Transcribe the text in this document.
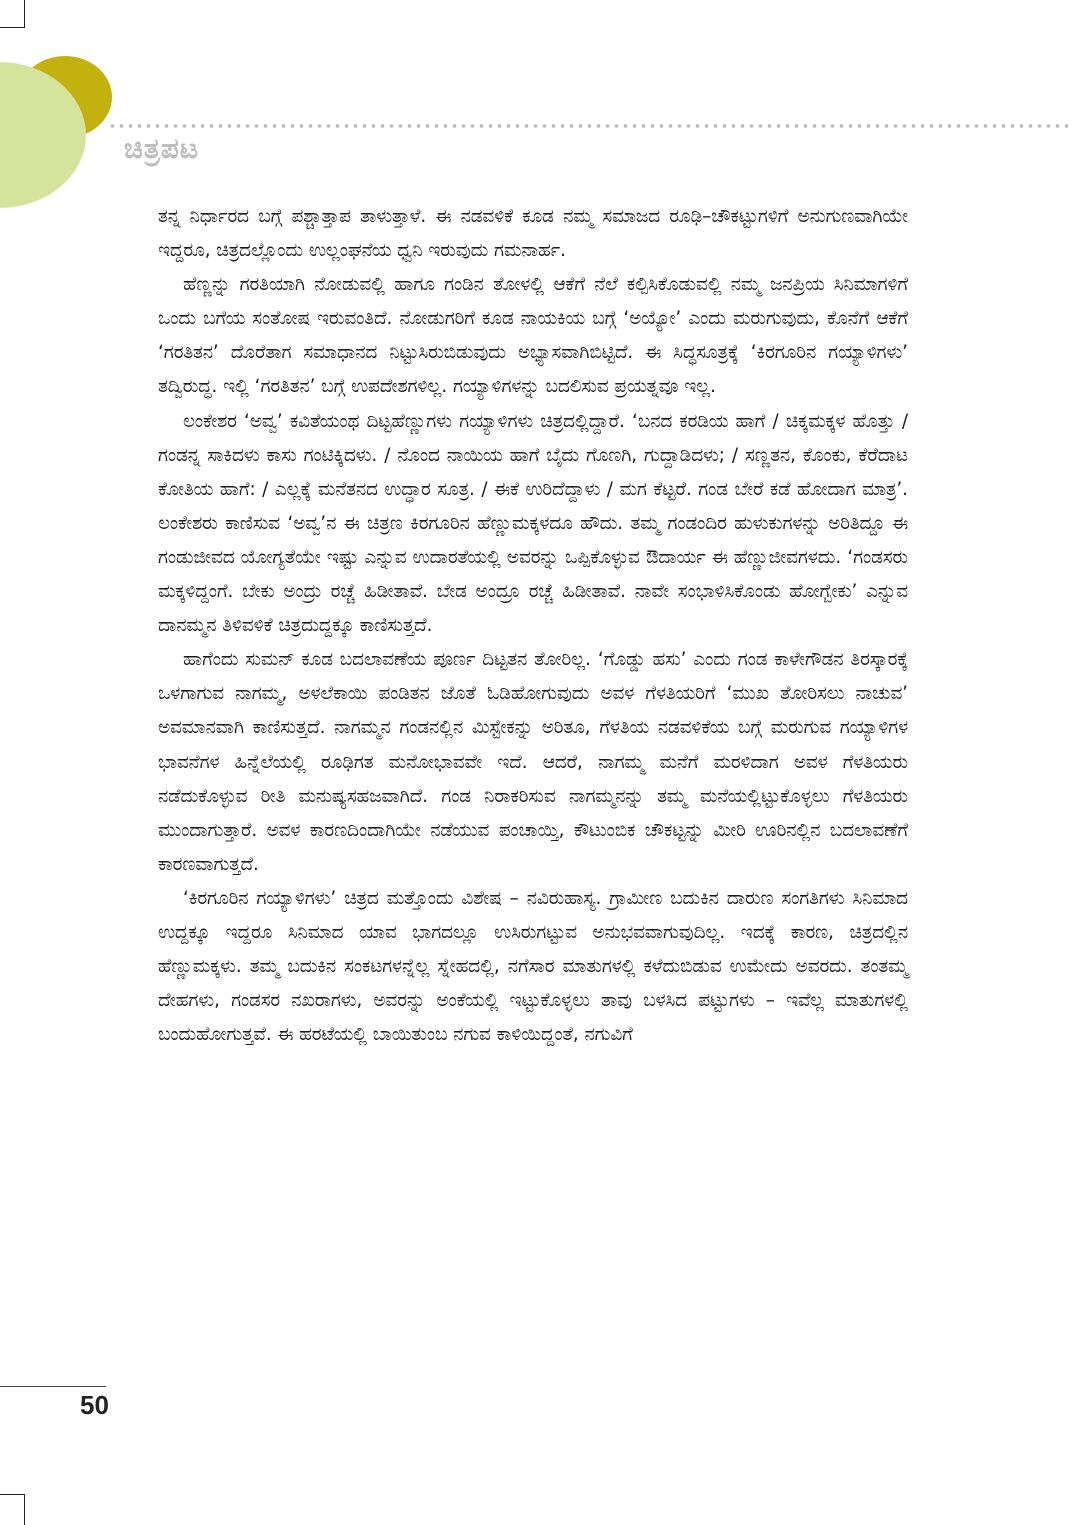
ಚಿತ್ರಪಟ

ತನ್ನ ನಿರ್ಧಾರದ ಬಗ್ಗೆ ಪಶ್ಚಾತ್ತಾಪ ತಾಳುತ್ತಾಳೆ. ಈ ನಡವಳಿಕೆ ಕೂಡ ನಮ್ಮ ಸಮಾಜದ ರೂಢಿ–ಚೌಕಟ್ಟುಗಳಿಗೆ ಅನುಗುಣವಾಗಿಯೇ ಇದ್ದರೂ, ಚಿತ್ರದಲ್ಲೊಂದು ಉಲ್ಲಂಘನೆಯ ಧ್ವನಿ ಇರುವುದು ಗಮನಾರ್ಹ.

ಹೆಣ್ಣನ್ನು ಗರತಿಯಾಗಿ ನೋಡುವಲ್ಲಿ ಹಾಗೂ ಗಂಡಿನ ತೋಳಲ್ಲಿ ಆಕೆಗೆ ನೆಲೆ ಕಲ್ಪಿಸಿಕೊಡುವಲ್ಲಿ ನಮ್ಮ ಜನಪ್ರಿಯ ಸಿನಿಮಾಗಳಿಗೆ ಒಂದು ಬಗೆಯ ಸಂತೋಷ ಇರುವಂತಿದೆ. ನೋಡುಗರಿಗೆ ಕೂಡ ನಾಯಕಿಯ ಬಗ್ಗೆ ‘ಅಯ್ಯೋ’ ಎಂದು ಮರುಗುವುದು, ಕೊನೆಗೆ ಆಕೆಗೆ ‘ಗರತಿತನ’ ದೊರೆತಾಗ ಸಮಾಧಾನದ ನಿಟ್ಟುಸಿರುಬಿಡುವುದು ಅಭ್ಯಾಸವಾಗಿಬಿಟ್ಟಿದೆ. ಈ ಸಿದ್ಧಸೂತ್ರಕ್ಕೆ ‘ಕಿರಗೂರಿನ ಗಯ್ಯಾಳಿಗಳು’ ತದ್ವಿರುದ್ಧ. ಇಲ್ಲಿ ‘ಗರತಿತನ’ ಬಗ್ಗೆ ಉಪದೇಶಗಳಿಲ್ಲ. ಗಯ್ಯಾಳಿಗಳನ್ನು ಬದಲಿಸುವ ಪ್ರಯತ್ನವೂ ಇಲ್ಲ.

ಲಂಕೇಶರ ‘ಅವ್ವ’ ಕವಿತೆಯಂಥ ದಿಟ್ಟಹೆಣ್ಣುಗಳು ಗಯ್ಯಾಳಿಗಳು ಚಿತ್ರದಲ್ಲಿದ್ದಾರೆ. ‘ಬನದ ಕರಡಿಯ ಹಾಗೆ / ಚಿಕ್ಕಮಕ್ಕಳ ಹೊತ್ತು / ಗಂಡನ್ನ ಸಾಕಿದಳು ಕಾಸು ಗಂಟಿಕ್ಕಿದಳು. / ನೊಂದ ನಾಯಿಯ ಹಾಗೆ ಬೈದು ಗೊಣಗಿ, ಗುದ್ದಾಡಿದಳು; / ಸಣ್ಣತನ, ಕೊಂಕು, ಕೆರೆದಾಟ ಕೋತಿಯ ಹಾಗೆ: / ಎಲ್ಲಕ್ಕೆ ಮನೆತನದ ಉದ್ಧಾರ ಸೂತ್ರ. / ಈಕೆ ಉರಿದೆದ್ದಾಳು / ಮಗ ಕೆಟ್ಟರೆ. ಗಂಡ ಬೇರೆ ಕಡೆ ಹೋದಾಗ ಮಾತ್ರ’. ಲಂಕೇಶರು ಕಾಣಿಸುವ ‘ಅವ್ವ’ನ ಈ ಚಿತ್ರಣ ಕಿರಗೂರಿನ ಹೆಣ್ಣುಮಕ್ಕಳದೂ ಹೌದು. ತಮ್ಮ ಗಂಡಂದಿರ ಹುಳುಕುಗಳನ್ನು ಅರಿತಿದ್ದೂ ಈ ಗಂಡುಜೀವದ ಯೋಗ್ಯತೆಯೇ ಇಷ್ಟು ಎನ್ನುವ ಉದಾರತೆಯಲ್ಲಿ ಅವರನ್ನು ಒಪ್ಪಿಕೊಳ್ಳುವ ಔದಾರ್ಯ ಈ ಹೆಣ್ಣುಜೀವಗಳದು. ‘ಗಂಡಸರು ಮಕ್ಕಳಿದ್ದಂಗೆ. ಬೇಕು ಅಂದ್ರು ರಚ್ಚೆ ಹಿಡೀತಾವೆ. ಬೇಡ ಅಂದ್ರೂ ರಚ್ಚೆ ಹಿಡೀತಾವೆ. ನಾವೇ ಸಂಭಾಳಿಸಿಕೊಂಡು ಹೋಗ್ಬೇಕು’ ಎನ್ನುವ ದಾನಮ್ಮನ ತಿಳಿವಳಿಕೆ ಚಿತ್ರದುದ್ದಕ್ಕೂ ಕಾಣಿಸುತ್ತದೆ.

ಹಾಗೆಂದು ಸುಮನ್ ಕೂಡ ಬದಲಾವಣೆಯ ಪೂರ್ಣ ದಿಟ್ಟತನ ತೋರಿಲ್ಲ. ‘ಗೊಡ್ಡು ಹಸು’ ಎಂದು ಗಂಡ ಕಾಳೇಗೌಡನ ತಿರಸ್ಕಾರಕ್ಕೆ ಒಳಗಾಗುವ ನಾಗಮ್ಮ, ಅಳಲೆಕಾಯಿ ಪಂಡಿತನ ಜೊತೆ ಓಡಿಹೋಗುವುದು ಅವಳ ಗೆಳತಿಯರಿಗೆ ‘ಮುಖ ತೋರಿಸಲು ನಾಚುವ’ ಅವಮಾನವಾಗಿ ಕಾಣಿಸುತ್ತದೆ. ನಾಗಮ್ಮನ ಗಂಡನಲ್ಲಿನ ಮಿಸ್ಟೇಕನ್ನು ಅರಿತೂ, ಗೆಳತಿಯ ನಡವಳಿಕೆಯ ಬಗ್ಗೆ ಮರುಗುವ ಗಯ್ಯಾಳಿಗಳ ಭಾವನೆಗಳ ಹಿನ್ನೆಲೆಯಲ್ಲಿ ರೂಢಿಗತ ಮನೋಭಾವವೇ ಇದೆ. ಆದರೆ, ನಾಗಮ್ಮ ಮನೆಗೆ ಮರಳಿದಾಗ ಅವಳ ಗೆಳತಿಯರು ನಡೆದುಕೊಳ್ಳುವ ರೀತಿ ಮನುಷ್ಯಸಹಜವಾಗಿದೆ. ಗಂಡ ನಿರಾಕರಿಸುವ ನಾಗಮ್ಮನನ್ನು ತಮ್ಮ ಮನೆಯಲ್ಲಿಟ್ಟುಕೊಳ್ಳಲು ಗೆಳತಿಯರು ಮುಂದಾಗುತ್ತಾರೆ. ಅವಳ ಕಾರಣದಿಂದಾಗಿಯೇ ನಡೆಯುವ ಪಂಚಾಯ್ತಿ, ಕೌಟುಂಬಿಕ ಚೌಕಟ್ಟನ್ನು ಮೀರಿ ಊರಿನಲ್ಲಿನ ಬದಲಾವಣೆಗೆ ಕಾರಣವಾಗುತ್ತದೆ.

‘ಕಿರಗೂರಿನ ಗಯ್ಯಾಳಿಗಳು’ ಚಿತ್ರದ ಮತ್ತೊಂದು ವಿಶೇಷ – ನವಿರುಹಾಸ್ಯ. ಗ್ರಾಮೀಣ ಬದುಕಿನ ದಾರುಣ ಸಂಗತಿಗಳು ಸಿನಿಮಾದ ಉದ್ದಕ್ಕೂ ಇದ್ದರೂ ಸಿನಿಮಾದ ಯಾವ ಭಾಗದಲ್ಲೂ ಉಸಿರುಗಟ್ಟುವ ಅನುಭವವಾಗುವುದಿಲ್ಲ. ಇದಕ್ಕೆ ಕಾರಣ, ಚಿತ್ರದಲ್ಲಿನ ಹೆಣ್ಣುಮಕ್ಕಳು. ತಮ್ಮ ಬದುಕಿನ ಸಂಕಟಗಳನ್ನೆಲ್ಲ ಸ್ನೇಹದಲ್ಲಿ, ನಗೆಸಾರ ಮಾತುಗಳಲ್ಲಿ ಕಳೆದುಬಿಡುವ ಉಮೇದು ಅವರದು. ತಂತಮ್ಮ ದೇಹಗಳು, ಗಂಡಸರ ನಖರಾಗಳು, ಅವರನ್ನು ಅಂಕೆಯಲ್ಲಿ ಇಟ್ಟುಕೊಳ್ಳಲು ತಾವು ಬಳಸಿದ ಪಟ್ಟುಗಳು – ಇವೆಲ್ಲ ಮಾತುಗಳಲ್ಲಿ ಬಂದುಹೋಗುತ್ತವೆ. ಈ ಹರಟೆಯಲ್ಲಿ ಬಾಯಿತುಂಬ ನಗುವ ಕಾಳಿಯಿದ್ದಂತೆ, ನಗುವಿಗೆ

50
